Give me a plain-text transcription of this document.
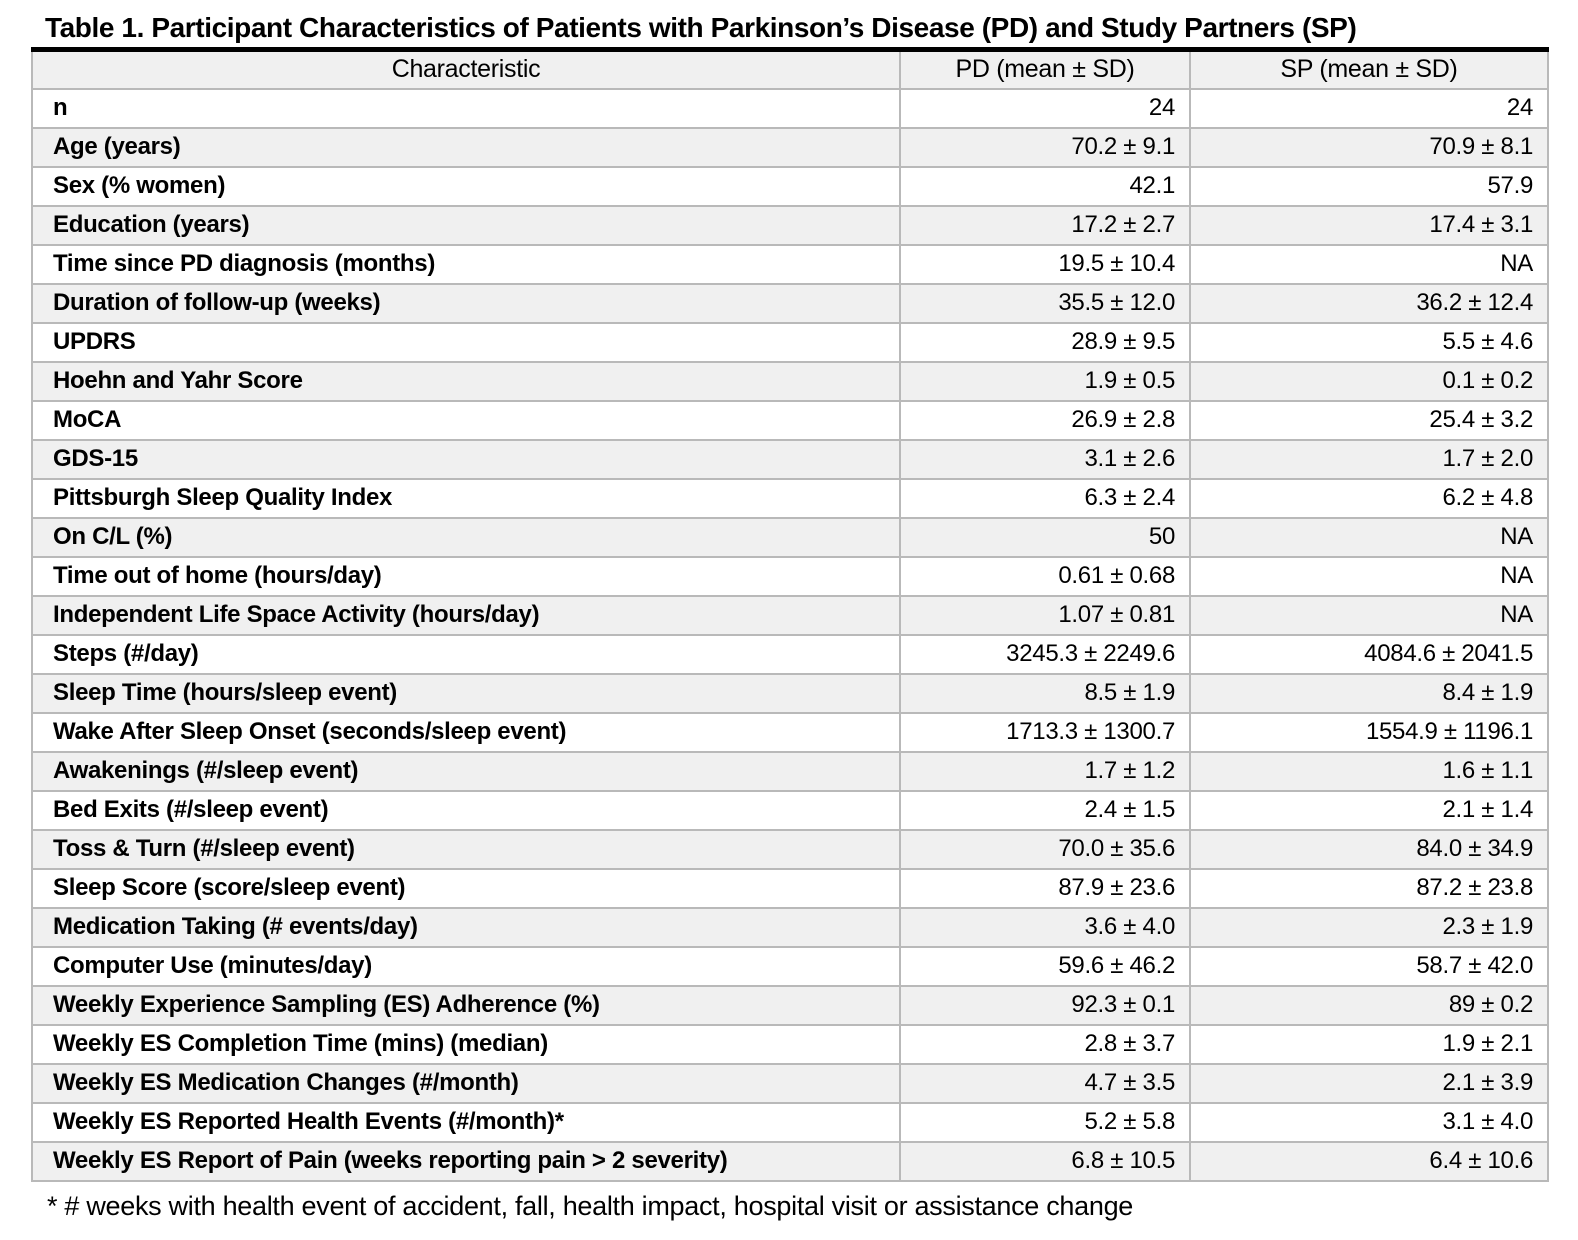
Table 1. Participant Characteristics of Patients with Parkinson’s Disease (PD) and Study Partners (SP)
Characteristic	PD (mean ± SD)	SP (mean ± SD)
n	24	24
Age (years)	70.2 ± 9.1	70.9 ± 8.1
Sex (% women)	42.1	57.9
Education (years)	17.2 ± 2.7	17.4 ± 3.1
Time since PD diagnosis (months)	19.5 ± 10.4	NA
Duration of follow-up (weeks)	35.5 ± 12.0	36.2 ± 12.4
UPDRS	28.9 ± 9.5	5.5 ± 4.6
Hoehn and Yahr Score	1.9 ± 0.5	0.1 ± 0.2
MoCA	26.9 ± 2.8	25.4 ± 3.2
GDS-15	3.1 ± 2.6	1.7 ± 2.0
Pittsburgh Sleep Quality Index	6.3 ± 2.4	6.2 ± 4.8
On C/L (%)	50	NA
Time out of home (hours/day)	0.61 ± 0.68	NA
Independent Life Space Activity (hours/day)	1.07 ± 0.81	NA
Steps (#/day)	3245.3 ± 2249.6	4084.6 ± 2041.5
Sleep Time (hours/sleep event)	8.5 ± 1.9	8.4 ± 1.9
Wake After Sleep Onset (seconds/sleep event)	1713.3 ± 1300.7	1554.9 ± 1196.1
Awakenings (#/sleep event)	1.7 ± 1.2	1.6 ± 1.1
Bed Exits (#/sleep event)	2.4 ± 1.5	2.1 ± 1.4
Toss & Turn (#/sleep event)	70.0 ± 35.6	84.0 ± 34.9
Sleep Score (score/sleep event)	87.9 ± 23.6	87.2 ± 23.8
Medication Taking (# events/day)	3.6 ± 4.0	2.3 ± 1.9
Computer Use (minutes/day)	59.6 ± 46.2	58.7 ± 42.0
Weekly Experience Sampling (ES) Adherence (%)	92.3 ± 0.1	89 ± 0.2
Weekly ES Completion Time (mins) (median)	2.8 ± 3.7	1.9 ± 2.1
Weekly ES Medication Changes (#/month)	4.7 ± 3.5	2.1 ± 3.9
Weekly ES Reported Health Events (#/month)*	5.2 ± 5.8	3.1 ± 4.0
Weekly ES Report of Pain (weeks reporting pain > 2 severity)	6.8 ± 10.5	6.4 ± 10.6
* # weeks with health event of accident, fall, health impact, hospital visit or assistance change
